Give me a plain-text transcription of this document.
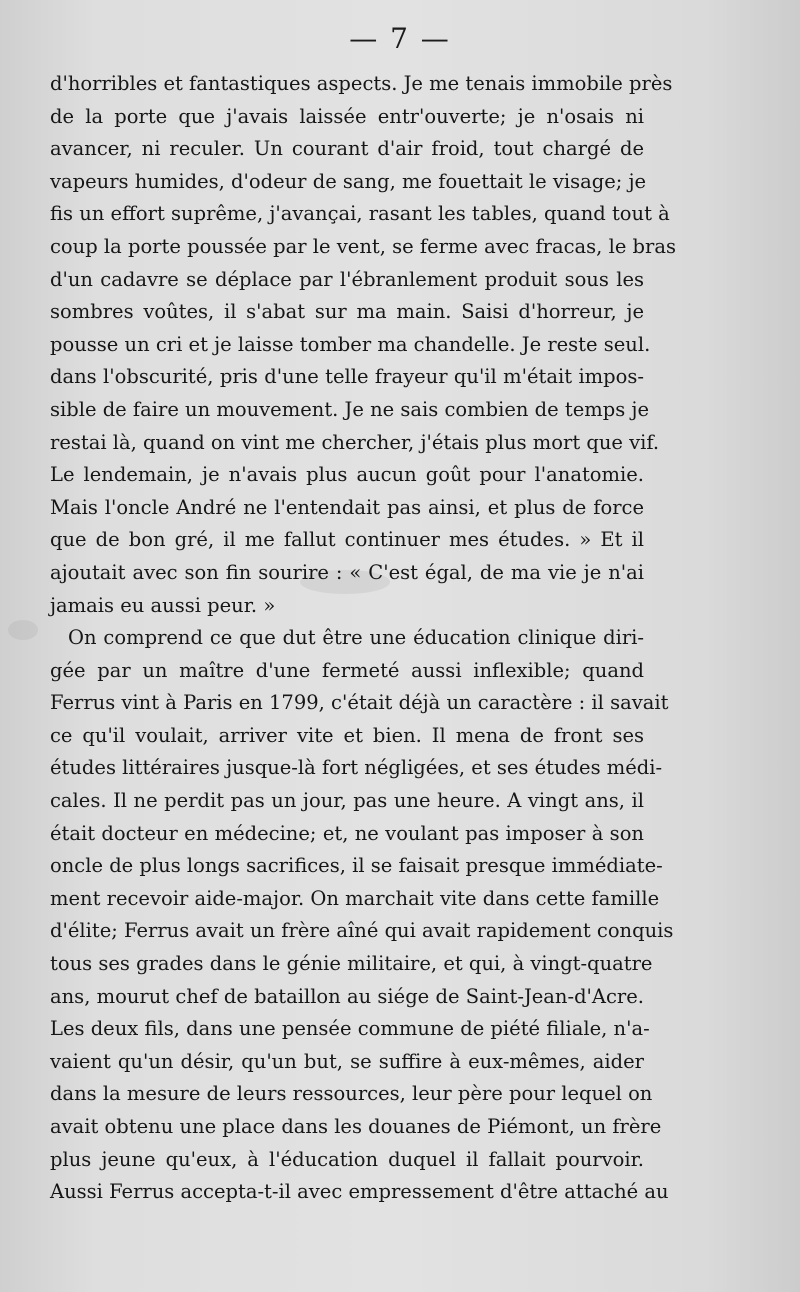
— 7 —
d'horribles et fantastiques aspects. Je me tenais immobile près
de la porte que j'avais laissée entr'ouverte; je n'osais ni
avancer, ni reculer. Un courant d'air froid, tout chargé de
vapeurs humides, d'odeur de sang, me fouettait le visage; je
fis un effort suprême, j'avançai, rasant les tables, quand tout à
coup la porte poussée par le vent, se ferme avec fracas, le bras
d'un cadavre se déplace par l'ébranlement produit sous les
sombres voûtes, il s'abat sur ma main. Saisi d'horreur, je
pousse un cri et je laisse tomber ma chandelle. Je reste seul.
dans l'obscurité, pris d'une telle frayeur qu'il m'était impos-
sible de faire un mouvement. Je ne sais combien de temps je
restai là, quand on vint me chercher, j'étais plus mort que vif.
Le lendemain, je n'avais plus aucun goût pour l'anatomie.
Mais l'oncle André ne l'entendait pas ainsi, et plus de force
que de bon gré, il me fallut continuer mes études. » Et il
ajoutait avec son fin sourire : « C'est égal, de ma vie je n'ai
jamais eu aussi peur. »
On comprend ce que dut être une éducation clinique diri-
gée par un maître d'une fermeté aussi inflexible; quand
Ferrus vint à Paris en 1799, c'était déjà un caractère : il savait
ce qu'il voulait, arriver vite et bien. Il mena de front ses
études littéraires jusque-là fort négligées, et ses études médi-
cales. Il ne perdit pas un jour, pas une heure. A vingt ans, il
était docteur en médecine; et, ne voulant pas imposer à son
oncle de plus longs sacrifices, il se faisait presque immédiate-
ment recevoir aide-major. On marchait vite dans cette famille
d'élite; Ferrus avait un frère aîné qui avait rapidement conquis
tous ses grades dans le génie militaire, et qui, à vingt-quatre
ans, mourut chef de bataillon au siége de Saint-Jean-d'Acre.
Les deux fils, dans une pensée commune de piété filiale, n'a-
vaient qu'un désir, qu'un but, se suffire à eux-mêmes, aider
dans la mesure de leurs ressources, leur père pour lequel on
avait obtenu une place dans les douanes de Piémont, un frère
plus jeune qu'eux, à l'éducation duquel il fallait pourvoir.
Aussi Ferrus accepta-t-il avec empressement d'être attaché au
